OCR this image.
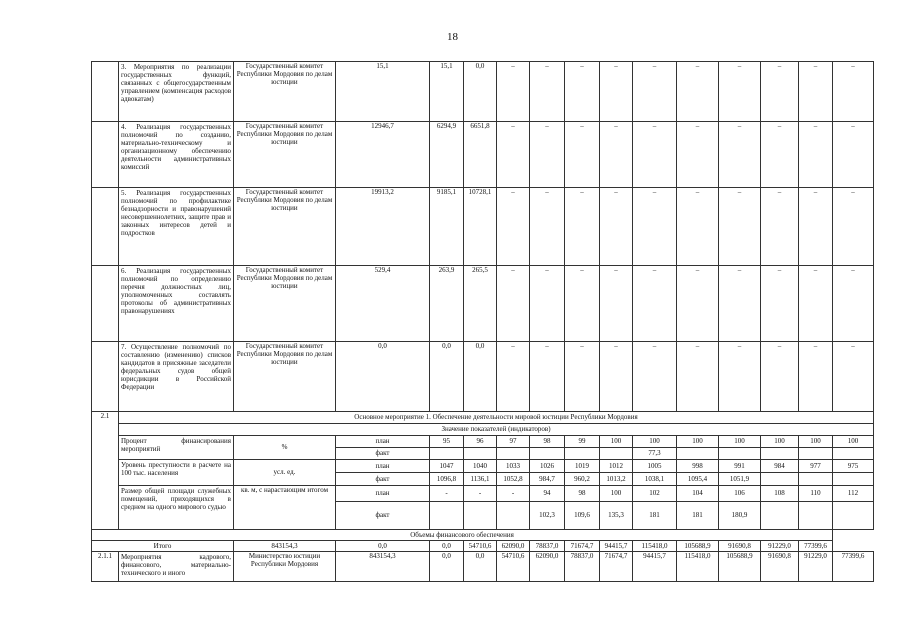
18
	3. Мероприятия по реализации государственных функций, связанных с общегосударственным управлением (компенсация расходов адвокатам)	Государственный комитет Республики Мордовия по делам юстиции	15,1	15,1	0,0	–	–	–	–	–	–	–	–	–	–
	4. Реализация государственных полномочий по созданию, материально-техническому и организационному обеспечению деятельности административных комиссий	Государственный комитет Республики Мордовия по делам юстиции	12946,7	6294,9	6651,8	–	–	–	–	–	–	–	–	–	–
	5. Реализация государственных полномочий по профилактике безнадзорности и правонарушений несовершеннолетних, защите прав и законных интересов детей и подростков	Государственный комитет Республики Мордовия по делам юстиции	19913,2	9185,1	10728,1	–	–	–	–	–	–	–	–	–	–
	6. Реализация государственных полномочий по определению перечня должностных лиц, уполномоченных составлять протоколы об административных правонарушениях	Государственный комитет Республики Мордовия по делам юстиции	529,4	263,9	265,5	–	–	–	–	–	–	–	–	–	–
	7. Осуществление полномочий по составлению (изменению) списков кандидатов в присяжные заседатели федеральных судов общей юрисдикции в Российской Федерации	Государственный комитет Республики Мордовия по делам юстиции	0,0	0,0	0,0	–	–	–	–	–	–	–	–	–	–
2.1	Основное мероприятие 1. Обеспечение деятельности мировой юстиции Республики Мордовия														
	Значение показателей (индикаторов)														
	Процент финансирования мероприятий	%	план	95	96	97	98	99	100	100	100	100	100	100	100
			факт							77,3					
	Уровень преступности в расчете на 100 тыс. населения	усл. ед.	план	1047	1040	1033	1026	1019	1012	1005	998	991	984	977	975
			факт	1096,8	1136,1	1052,8	984,7	960,2	1013,2	1038,1	1095,4	1051,9			
	Размер общей площади служебных помещений, приходящихся в среднем на одного мирового судью	кв. м, с нарастающим итогом	план	-	-	-	94	98	100	102	104	106	108	110	112
			факт				102,3	109,6	135,3	181	181	180,9			
Объемы финансового обеспечения															
Итого		843154,3	0,0	0,0	54710,6	62090,0	78837,0	71674,7	94415,7	115418,0	105688,9	91690,8	91229,0	77399,6	
2.1.1	Мероприятия кадрового, финансового, материально-технического и иного	Министерство юстиции Республики Мордовия	843154,3	0,0	0,0	54710,6	62090,0	78837,0	71674,7	94415,7	115418,0	105688,9	91690,8	91229,0	77399,6
